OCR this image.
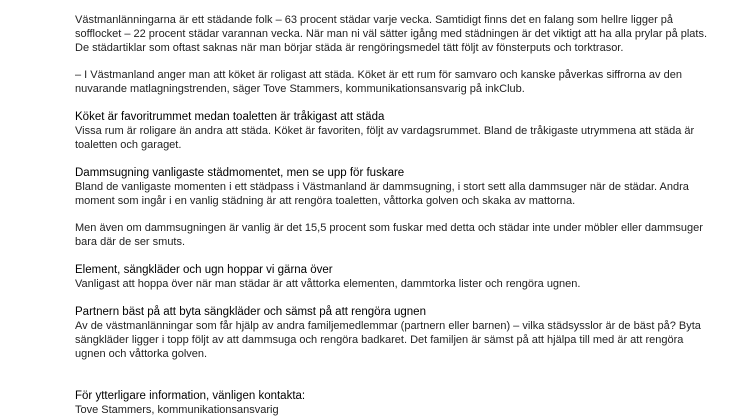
Västmanlänningarna är ett städande folk – 63 procent städar varje vecka. Samtidigt finns det en falang som hellre ligger på sofflocket – 22 procent städar varannan vecka. När man ni väl sätter igång med städningen är det viktigt att ha alla prylar på plats. De städartiklar som oftast saknas när man börjar städa är rengöringsmedel tätt följt av fönsterputs och torktrasor.

– I Västmanland anger man att köket är roligast att städa. Köket är ett rum för samvaro och kanske påverkas siffrorna av den nuvarande matlagningstrenden, säger Tove Stammers, kommunikationsansvarig på inkClub.

Köket är favoritrummet medan toaletten är tråkigast att städa

Vissa rum är roligare än andra att städa. Köket är favoriten, följt av vardagsrummet. Bland de tråkigaste utrymmena att städa är toaletten och garaget.

Dammsugning vanligaste städmomentet, men se upp för fuskare

Bland de vanligaste momenten i ett städpass i Västmanland är dammsugning, i stort sett alla dammsuger när de städar. Andra moment som ingår i en vanlig städning är att rengöra toaletten, våttorka golven och skaka av mattorna.

Men även om dammsugningen är vanlig är det 15,5 procent som fuskar med detta och städar inte under möbler eller dammsuger bara där de ser smuts.

Element, sängkläder och ugn hoppar vi gärna över

Vanligast att hoppa över när man städar är att våttorka elementen, dammtorka lister och rengöra ugnen.

Partnern bäst på att byta sängkläder och sämst på att rengöra ugnen

Av de västmanlänningar som får hjälp av andra familjemedlemmar (partnern eller barnen) – vilka städsysslor är de bäst på? Byta sängkläder ligger i topp följt av att dammsuga och rengöra badkaret. Det familjen är sämst på att hjälpa till med är att rengöra ugnen och våttorka golven.

För ytterligare information, vänligen kontakta:

Tove Stammers, kommunikationsansvarig
